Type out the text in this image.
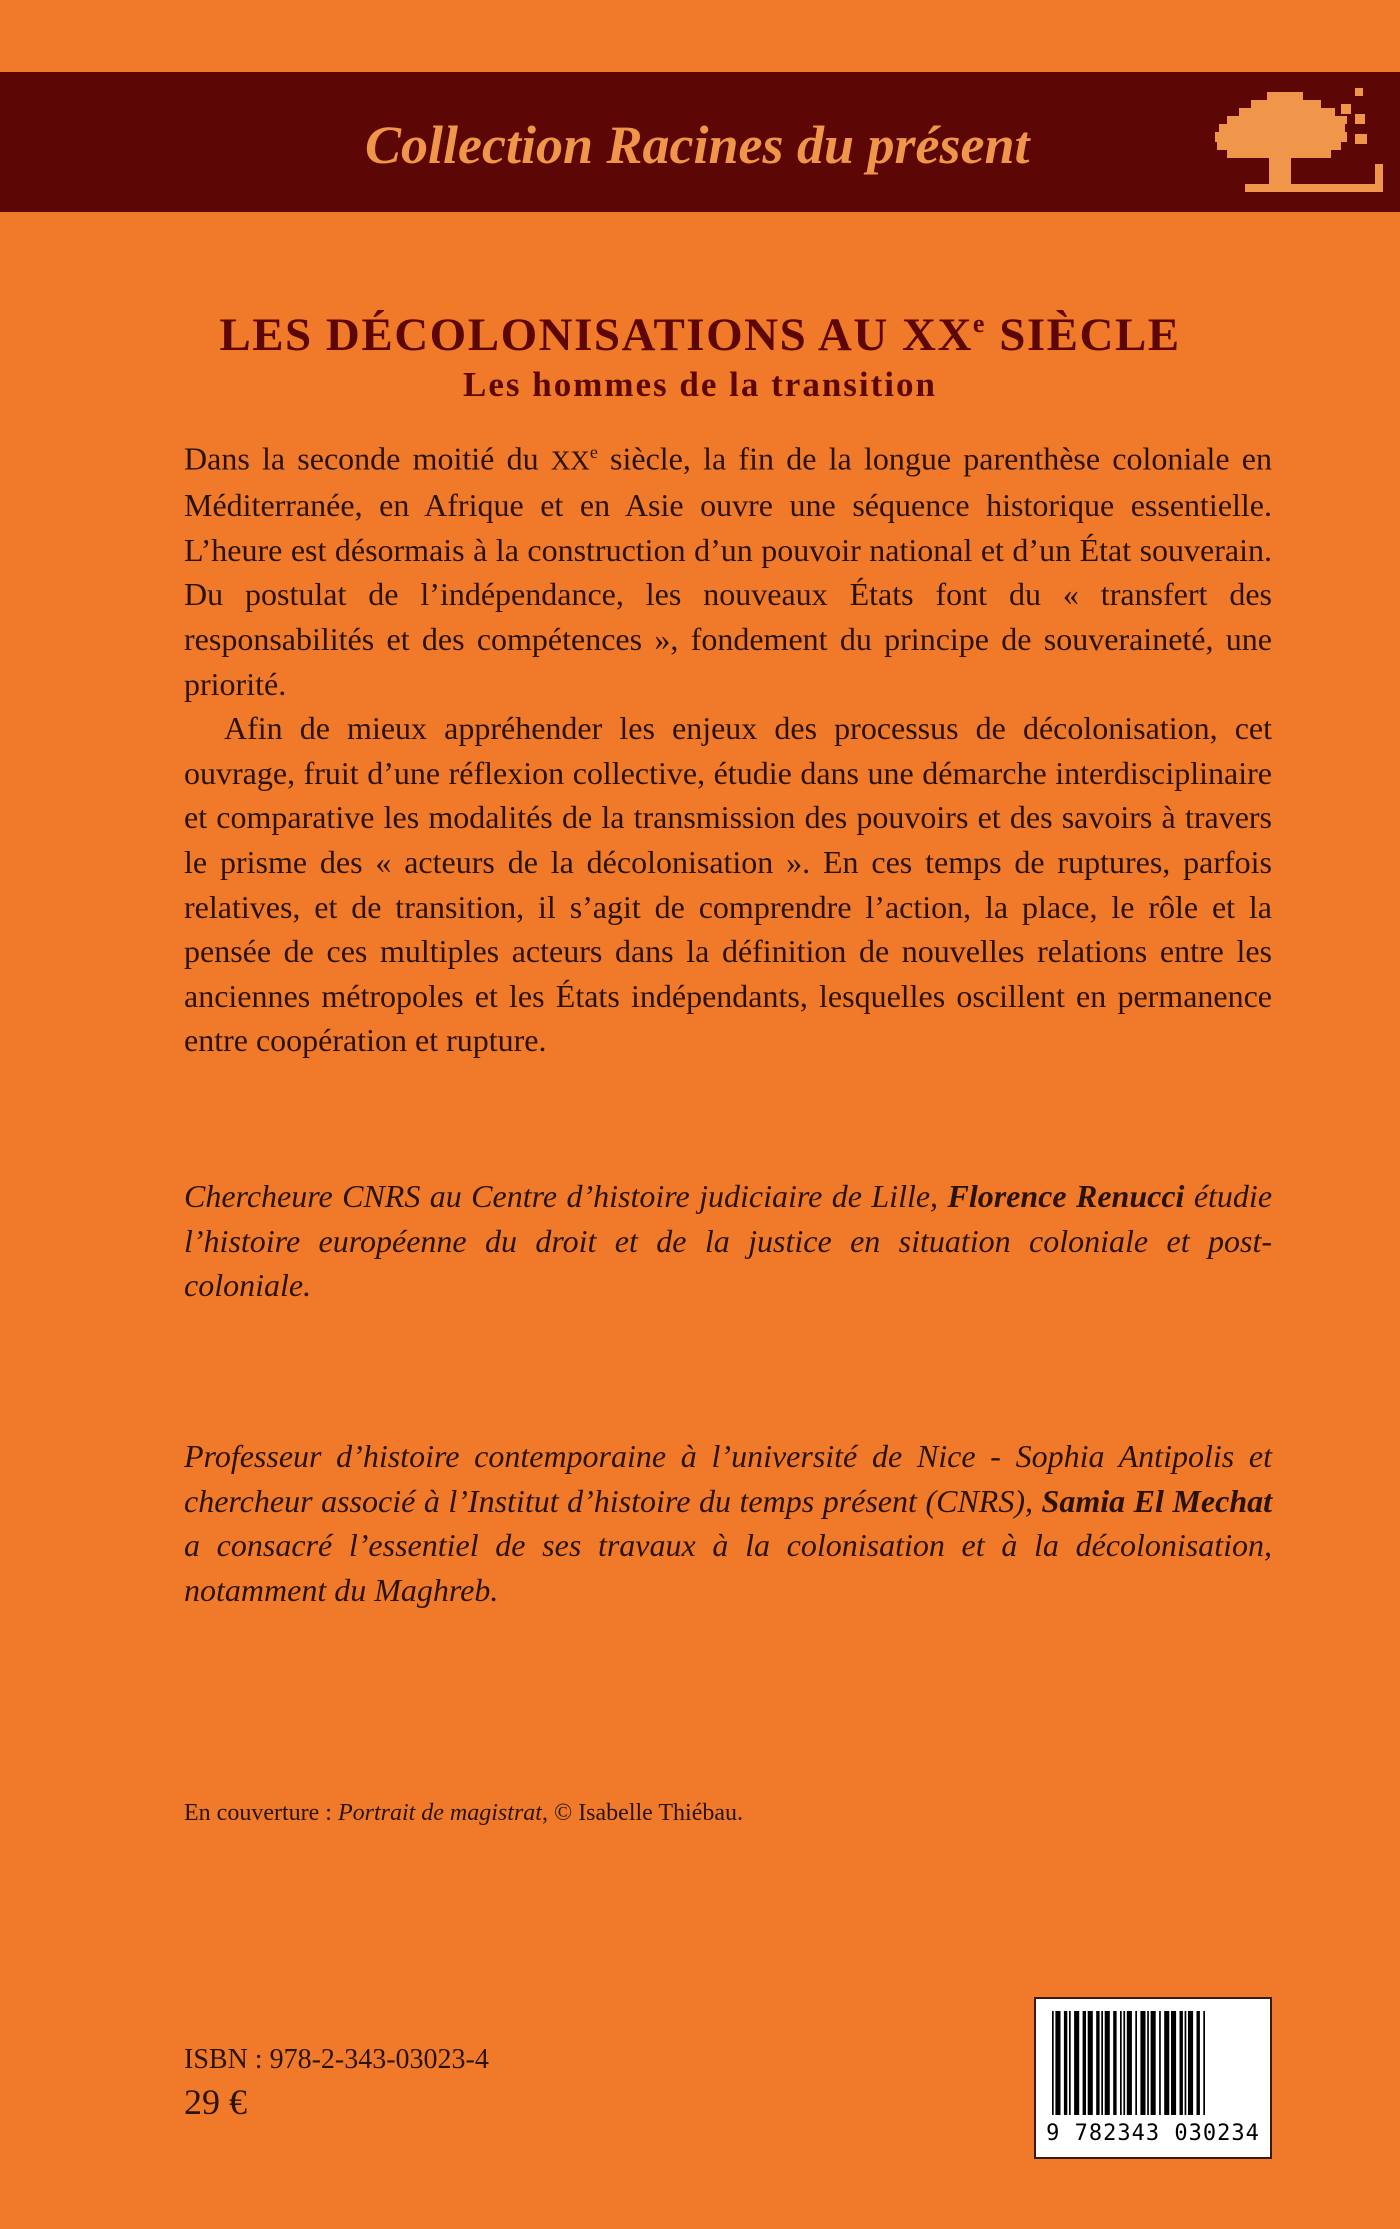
Collection Racines du présent
LES DÉCOLONISATIONS AU XXe SIÈCLE
Les hommes de la transition

Dans la seconde moitié du XXe siècle, la fin de la longue parenthèse coloniale en Méditerranée, en Afrique et en Asie ouvre une séquence historique essentielle. L’heure est désormais à la construction d’un pouvoir national et d’un État souverain. Du postulat de l’indépendance, les nouveaux États font du « transfert des responsabilités et des compétences », fondement du principe de souveraineté, une priorité.

Afin de mieux appréhender les enjeux des processus de décolonisation, cet ouvrage, fruit d’une réflexion collective, étudie dans une démarche interdisciplinaire et comparative les modalités de la transmission des pouvoirs et des savoirs à travers le prisme des « acteurs de la décolonisation ». En ces temps de ruptures, parfois relatives, et de transition, il s’agit de comprendre l’action, la place, le rôle et la pensée de ces multiples acteurs dans la définition de nouvelles relations entre les anciennes métropoles et les États indépendants, lesquelles oscillent en permanence entre coopération et rupture.

Chercheure CNRS au Centre d’histoire judiciaire de Lille, Florence Renucci étudie l’histoire européenne du droit et de la justice en situation coloniale et post-coloniale.
Professeur d’histoire contemporaine à l’université de Nice - Sophia Antipolis et chercheur associé à l’Institut d’histoire du temps présent (CNRS), Samia El Mechat a consacré l’essentiel de ses travaux à la colonisation et à la décolonisation, notamment du Maghreb.
En couverture : Portrait de magistrat, © Isabelle Thiébau.
ISBN : 978-2-343-03023-4
29 €
9 782343 030234
